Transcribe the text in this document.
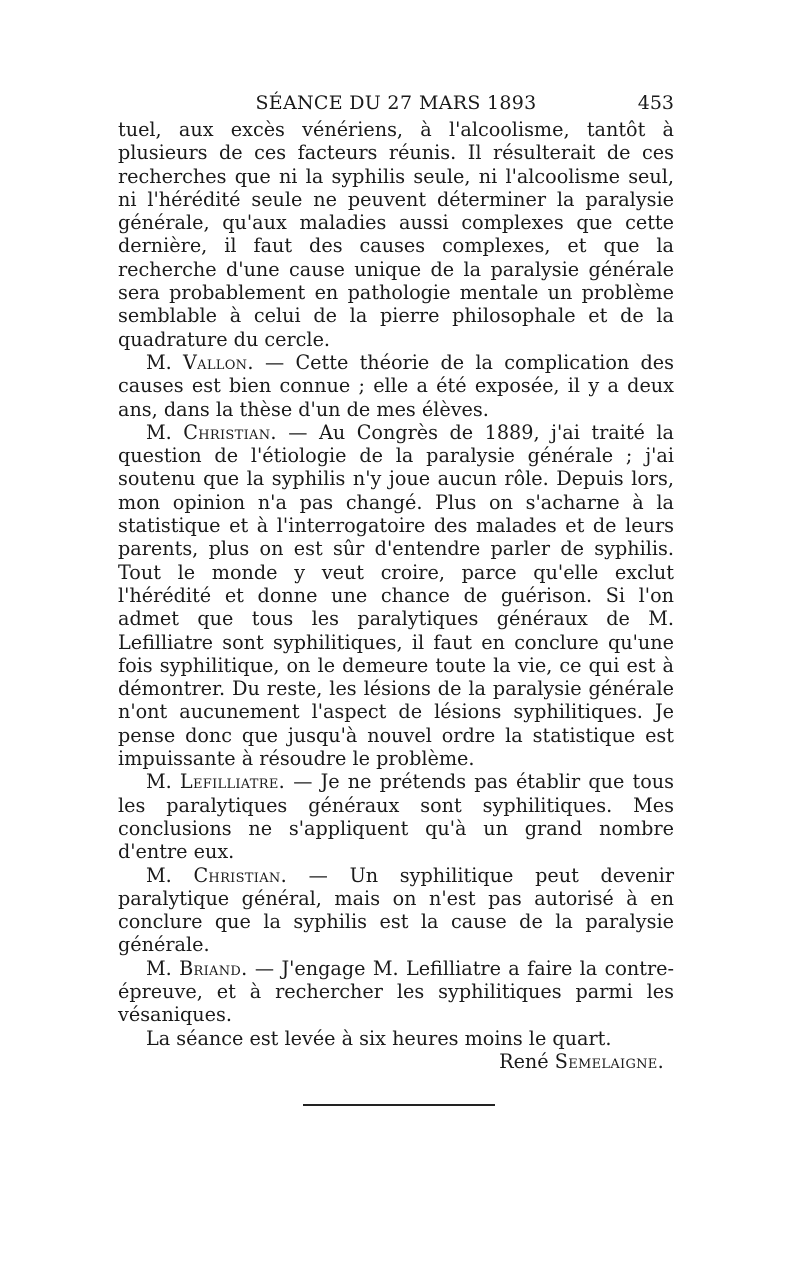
SÉANCE DU 27 MARS 1893	453

tuel, aux excès vénériens, à l'alcoolisme, tantôt à plusieurs de ces facteurs réunis. Il résulterait de ces recherches que ni la syphilis seule, ni l'alcoolisme seul, ni l'hérédité seule ne peuvent déterminer la paralysie générale, qu'aux maladies aussi complexes que cette dernière, il faut des causes complexes, et que la recherche d'une cause unique de la paralysie générale sera probablement en pathologie mentale un problème semblable à celui de la pierre philosophale et de la quadrature du cercle.

M. Vallon. — Cette théorie de la complication des causes est bien connue ; elle a été exposée, il y a deux ans, dans la thèse d'un de mes élèves.

M. Christian. — Au Congrès de 1889, j'ai traité la question de l'étiologie de la paralysie générale ; j'ai soutenu que la syphilis n'y joue aucun rôle. Depuis lors, mon opinion n'a pas changé. Plus on s'acharne à la statistique et à l'interrogatoire des malades et de leurs parents, plus on est sûr d'entendre parler de syphilis. Tout le monde y veut croire, parce qu'elle exclut l'hérédité et donne une chance de guérison. Si l'on admet que tous les paralytiques généraux de M. Lefilliatre sont syphilitiques, il faut en conclure qu'une fois syphilitique, on le demeure toute la vie, ce qui est à démontrer. Du reste, les lésions de la paralysie générale n'ont aucunement l'aspect de lésions syphilitiques. Je pense donc que jusqu'à nouvel ordre la statistique est impuissante à résoudre le problème.

M. Lefilliatre. — Je ne prétends pas établir que tous les paralytiques généraux sont syphilitiques. Mes conclusions ne s'appliquent qu'à un grand nombre d'entre eux.

M. Christian. — Un syphilitique peut devenir paralytique général, mais on n'est pas autorisé à en conclure que la syphilis est la cause de la paralysie générale.

M. Briand. — J'engage M. Lefilliatre a faire la contre-épreuve, et à rechercher les syphilitiques parmi les vésaniques.

La séance est levée à six heures moins le quart.

René Semelaigne.
